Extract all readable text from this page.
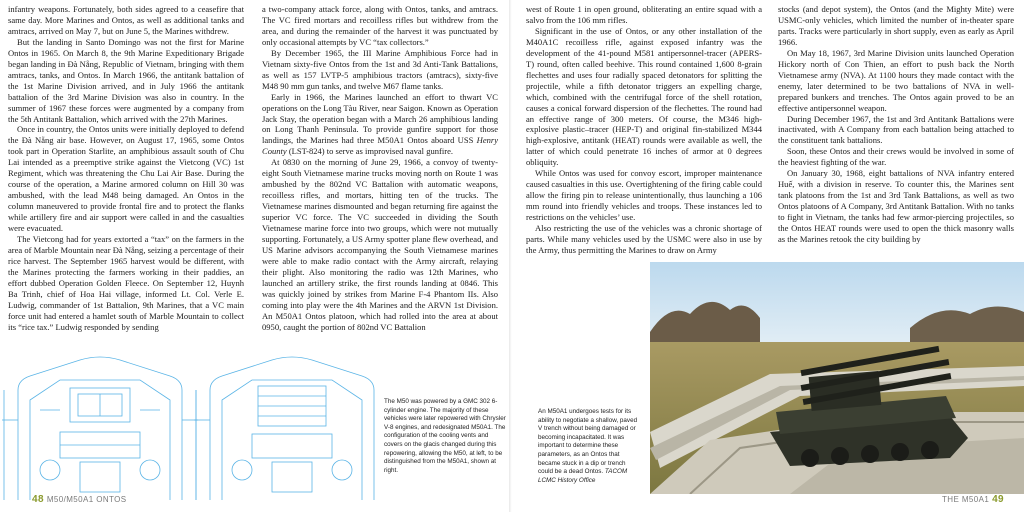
infantry weapons. Fortunately, both sides agreed to a ceasefire that same day. More Marines and Ontos, as well as additional tanks and amtracs, arrived on May 7, but on June 5, the Marines withdrew.

But the landing in Santo Domingo was not the first for Marine Ontos in 1965. On March 8, the 9th Marine Expeditionary Brigade began landing in Đà Nẵng, Republic of Vietnam, bringing with them amtracs, tanks, and Ontos. In March 1966, the antitank battalion of the 1st Marine Division arrived, and in July 1966 the antitank battalion of the 3rd Marine Division was also in country. In the summer of 1967 these forces were augmented by a company from the 5th Antitank Battalion, which arrived with the 27th Marines.

Once in country, the Ontos units were initially deployed to defend the Đà Nẵng air base. However, on August 17, 1965, some Ontos took part in Operation Starlite, an amphibious assault south of Chu Lai intended as a preemptive strike against the Vietcong (VC) 1st Regiment, which was threatening the Chu Lai Air Base. During the course of the operation, a Marine armored column on Hill 30 was ambushed, with the lead M48 being damaged. An Ontos in the column maneuvered to provide frontal fire and to protect the flanks while artillery fire and air support were called in and the casualties were evacuated.

The Vietcong had for years extorted a “tax” on the farmers in the area of Marble Mountain near Đà Nẵng, seizing a percentage of their rice harvest. The September 1965 harvest would be different, with the Marines protecting the farmers working in their paddies, an effort dubbed Operation Golden Fleece. On September 12, Huynh Ba Trinh, chief of Hoa Hai village, informed Lt. Col. Verle E. Ludwig, commander of 1st Battalion, 9th Marines, that a VC main force unit had entered a hamlet south of Marble Mountain to collect its “rice tax.” Ludwig responded by sending

a two-company attack force, along with Ontos, tanks, and amtracs. The VC fired mortars and recoilless rifles but withdrew from the area, and during the remainder of the harvest it was punctuated by only occasional attempts by VC “tax collectors.”

By December 1965, the III Marine Amphibious Force had in Vietnam sixty-five Ontos from the 1st and 3d Anti-Tank Battalions, as well as 157 LVTP-5 amphibious tractors (amtracs), sixty-five M48 90 mm gun tanks, and twelve M67 flame tanks.

Early in 1966, the Marines launched an effort to thwart VC operations on the Long Tàu River, near Saigon. Known as Operation Jack Stay, the operation began with a March 26 amphibious landing on Long Thanh Peninsula. To provide gunfire support for those landings, the Marines had three M50A1 Ontos aboard USS Henry County (LST-824) to serve as improvised naval gunfire.

At 0830 on the morning of June 29, 1966, a convoy of twenty-eight South Vietnamese marine trucks moving north on Route 1 was ambushed by the 802nd VC Battalion with automatic weapons, recoilless rifles, and mortars, hitting ten of the trucks. The Vietnamese marines dismounted and began returning fire against the superior VC force. The VC succeeded in dividing the South Vietnamese marine force into two groups, which were not mutually supporting. Fortunately, a US Army spotter plane flew overhead, and US Marine advisors accompanying the South Vietnamese marines were able to make radio contact with the Army aircraft, relaying their plight. Also monitoring the radio was 12th Marines, who launched an artillery strike, the first rounds landing at 0846. This was quickly joined by strikes from Marine F-4 Phantom IIs. Also coming into play were the 4th Marines and the ARVN 1st Division. An M50A1 Ontos platoon, which had rolled into the area at about 0950, caught the portion of 802nd VC Battalion

The M50 was powered by a GMC 302 6-cylinder engine. The majority of these vehicles were later repowered with Chrysler V-8 engines, and redesignated M50A1. The configuration of the cooling vents and covers on the glacis changed during this repowering, allowing the M50, at left, to be distinguished from the M50A1, shown at right.

48 M50/M50A1 ONTOS

west of Route 1 in open ground, obliterating an entire squad with a salvo from the 106 mm rifles.

Significant in the use of Ontos, or any other installation of the M40A1C recoilless rifle, against exposed infantry was the development of the 41-pound M581 antipersonnel-tracer (APERS-T) round, often called beehive. This round contained 1,600 8-grain flechettes and uses four radially spaced detonators for splitting the projectile, while a fifth detonator triggers an expelling charge, which, combined with the centrifugal force of the shell rotation, causes a conical forward dispersion of the flechettes. The round had an effective range of 300 meters. Of course, the M346 high-explosive plastic–tracer (HEP-T) and original fin-stabilized M344 high-explosive, antitank (HEAT) rounds were available as well, the latter of which could penetrate 16 inches of armor at 0 degrees obliquity.

While Ontos was used for convoy escort, improper maintenance caused casualties in this use. Overtightening of the firing cable could allow the firing pin to release unintentionally, thus launching a 106 mm round into friendly vehicles and troops. These instances led to restrictions on the vehicles’ use.

Also restricting the use of the vehicles was a chronic shortage of parts. While many vehicles used by the USMC were also in use by the Army, thus permitting the Marines to draw on Army

stocks (and depot system), the Ontos (and the Mighty Mite) were USMC-only vehicles, which limited the number of in-theater spare parts. Tracks were particularly in short supply, even as early as April 1966.

On May 18, 1967, 3rd Marine Division units launched Operation Hickory north of Con Thien, an effort to push back the North Vietnamese army (NVA). At 1100 hours they made contact with the enemy, later determined to be two battalions of NVA in well-prepared bunkers and trenches. The Ontos again proved to be an effective antipersonnel weapon.

During December 1967, the 1st and 3rd Antitank Battalions were inactivated, with A Company from each battalion being attached to the constituent tank battalions.

Soon, these Ontos and their crews would be involved in some of the heaviest fighting of the war.

On January 30, 1968, eight battalions of NVA infantry entered Huế, with a division in reserve. To counter this, the Marines sent tank platoons from the 1st and 3rd Tank Battalions, as well as two Ontos platoons of A Company, 3rd Antitank Battalion. With no tanks to fight in Vietnam, the tanks had few armor-piercing projectiles, so the Ontos HEAT rounds were used to open the thick masonry walls as the Marines retook the city building by

An M50A1 undergoes tests for its ability to negotiate a shallow, paved V trench without being damaged or becoming incapacitated. It was important to determine these parameters, as an Ontos that became stuck in a dip or trench could be a dead Ontos. TACOM LCMC History Office

THE M50A1 49
